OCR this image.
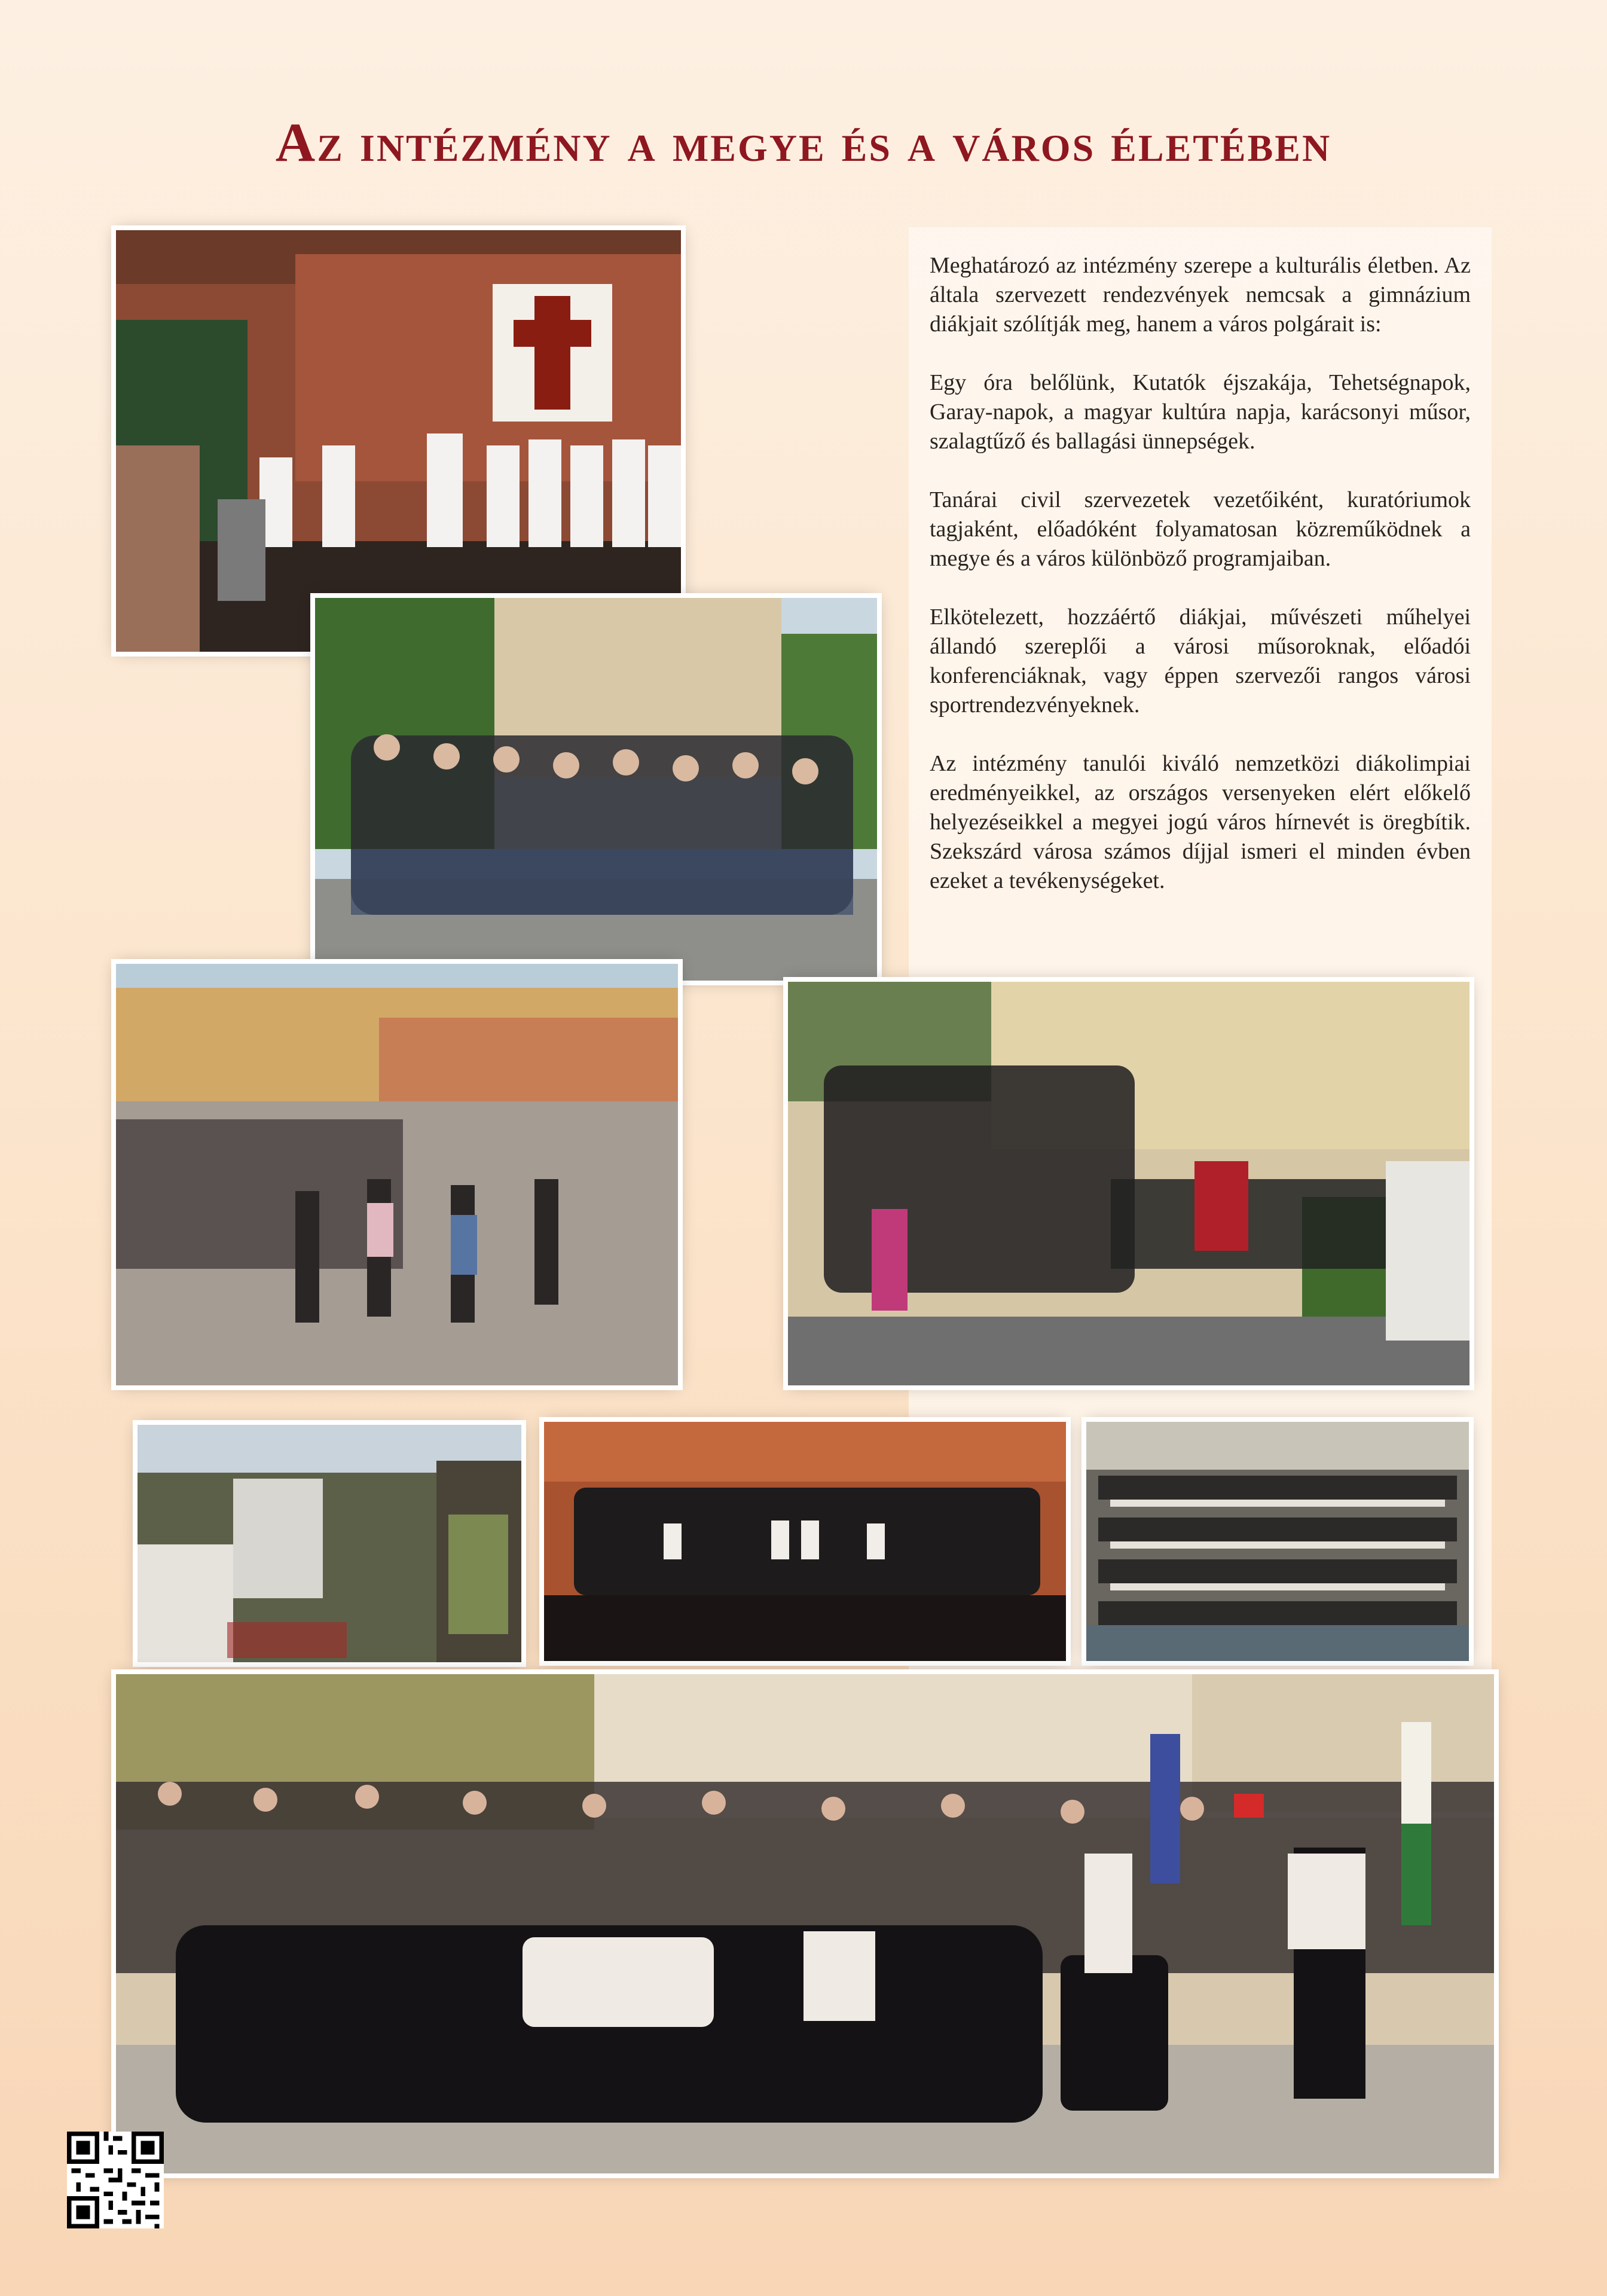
Az intézmény a megye és a város életében

Meghatározó az intézmény szerepe a kulturális életben. Az általa szervezett rendezvények nemcsak a gimnázium diákjait szólítják meg, hanem a város polgárait is:

Egy óra belőlünk, Kutatók éjszakája, Tehetségnapok, Garay-napok, a magyar kultúra napja, karácsonyi műsor, szalagtűző és ballagási ünnepségek.

Tanárai civil szervezetek vezetőiként, kuratóriumok tagjaként, előadóként folyamatosan közreműködnek a megye és a város különböző programjaiban.

Elkötelezett, hozzáértő diákjai, művészeti műhelyei állandó szereplői a városi műsoroknak, előadói konferenciáknak, vagy éppen szervezői rangos városi sportrendezvényeknek.

Az intézmény tanulói kiváló nemzetközi diákolimpiai eredményeikkel, az országos versenyeken elért előkelő helyezéseikkel a megyei jogú város hírnevét is öregbítik. Szekszárd városa számos díjjal ismeri el minden évben ezeket a tevékenységeket.
